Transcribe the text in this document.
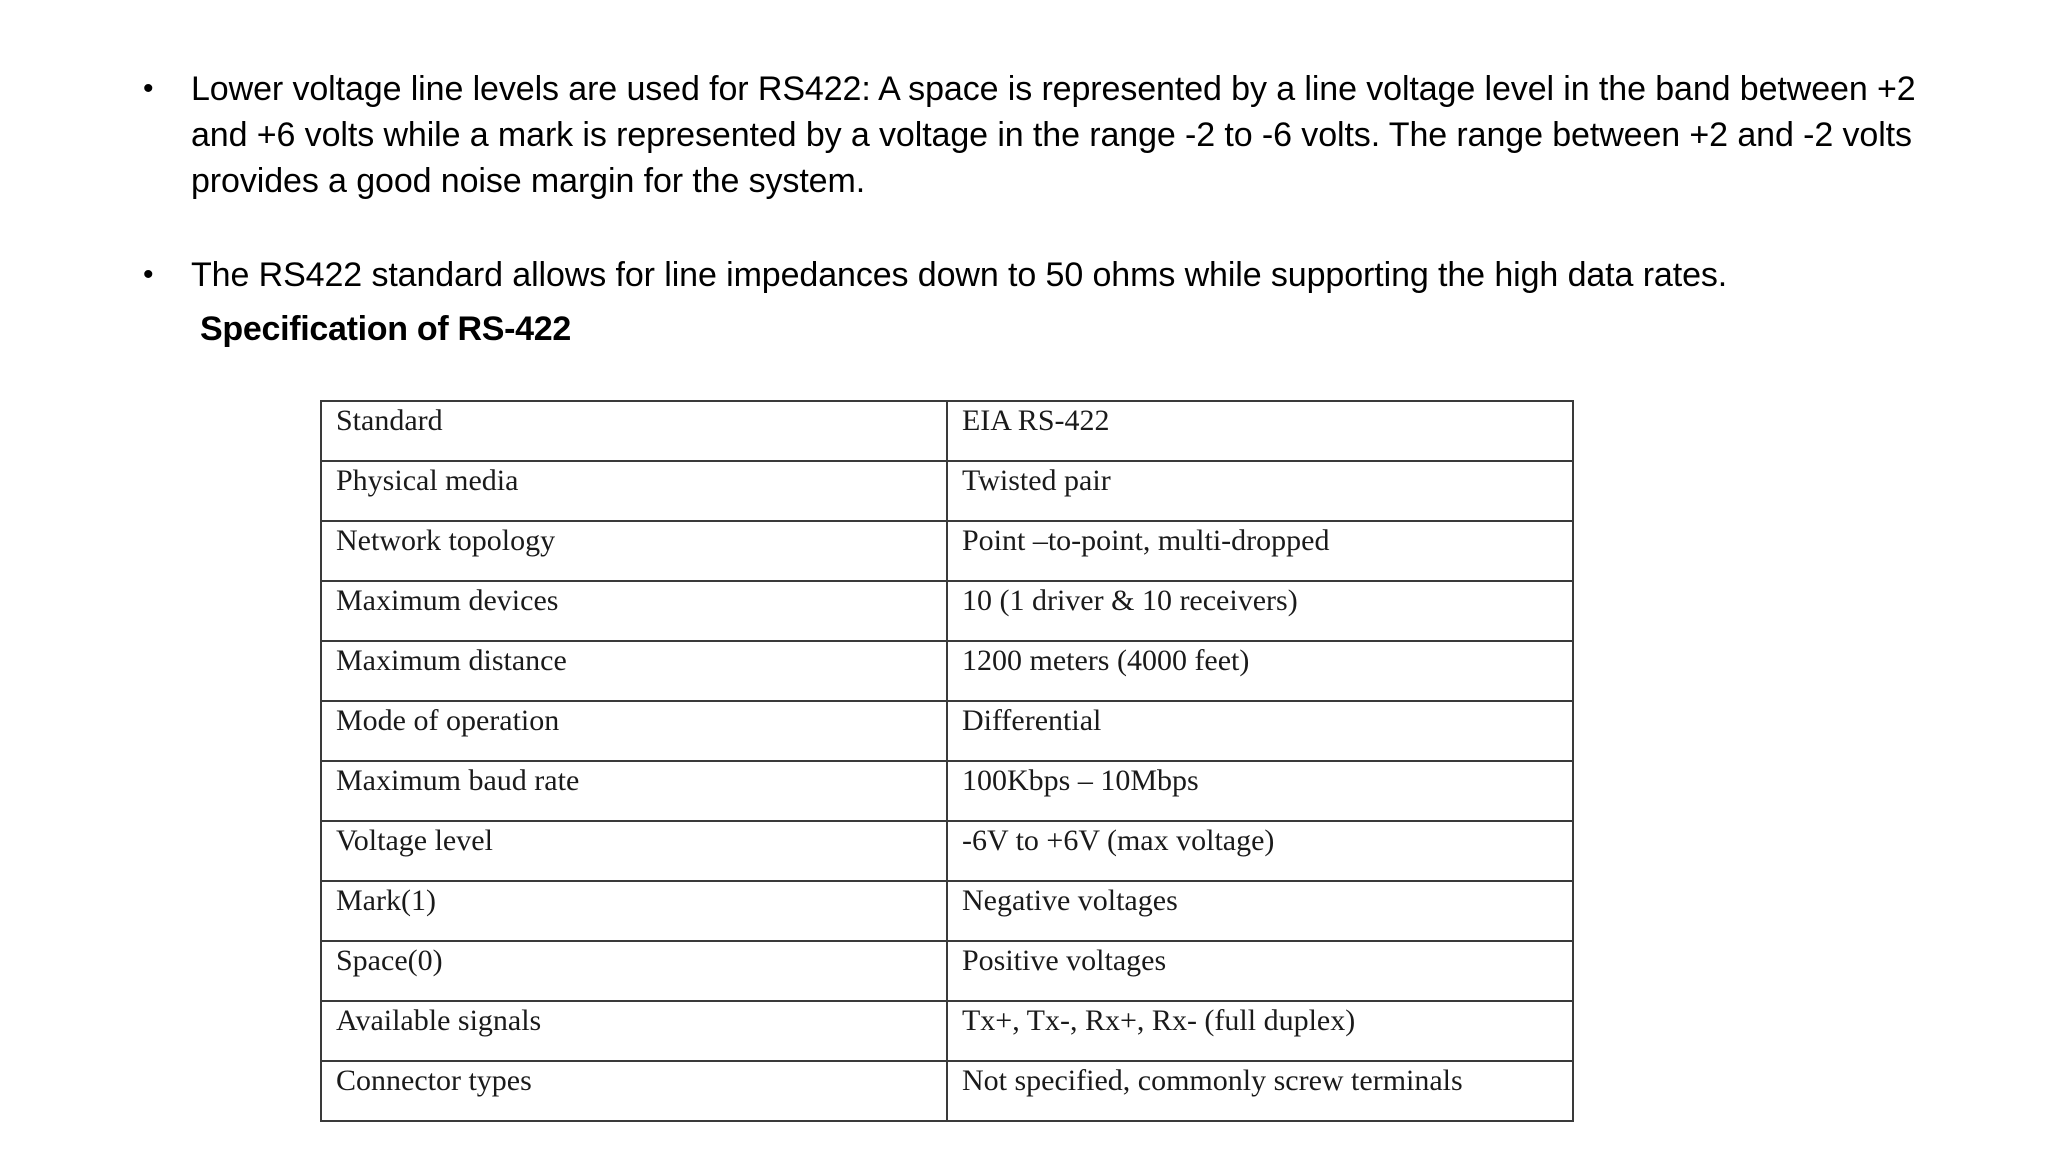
• Lower voltage line levels are used for RS422: A space is represented by a line voltage level in the band between +2 and +6 volts while a mark is represented by a voltage in the range -2 to -6 volts. The range between +2 and -2 volts provides a good noise margin for the system.
• The RS422 standard allows for line impedances down to 50 ohms while supporting the high data rates.
Specification of RS-422
Standard	EIA RS-422
Physical media	Twisted pair
Network topology	Point –to-point, multi-dropped
Maximum devices	10 (1 driver & 10 receivers)
Maximum distance	1200 meters (4000 feet)
Mode of operation	Differential
Maximum baud rate	100Kbps – 10Mbps
Voltage level	-6V to +6V (max voltage)
Mark(1)	Negative voltages
Space(0)	Positive voltages
Available signals	Tx+, Tx-, Rx+, Rx- (full duplex)
Connector types	Not specified, commonly screw terminals
